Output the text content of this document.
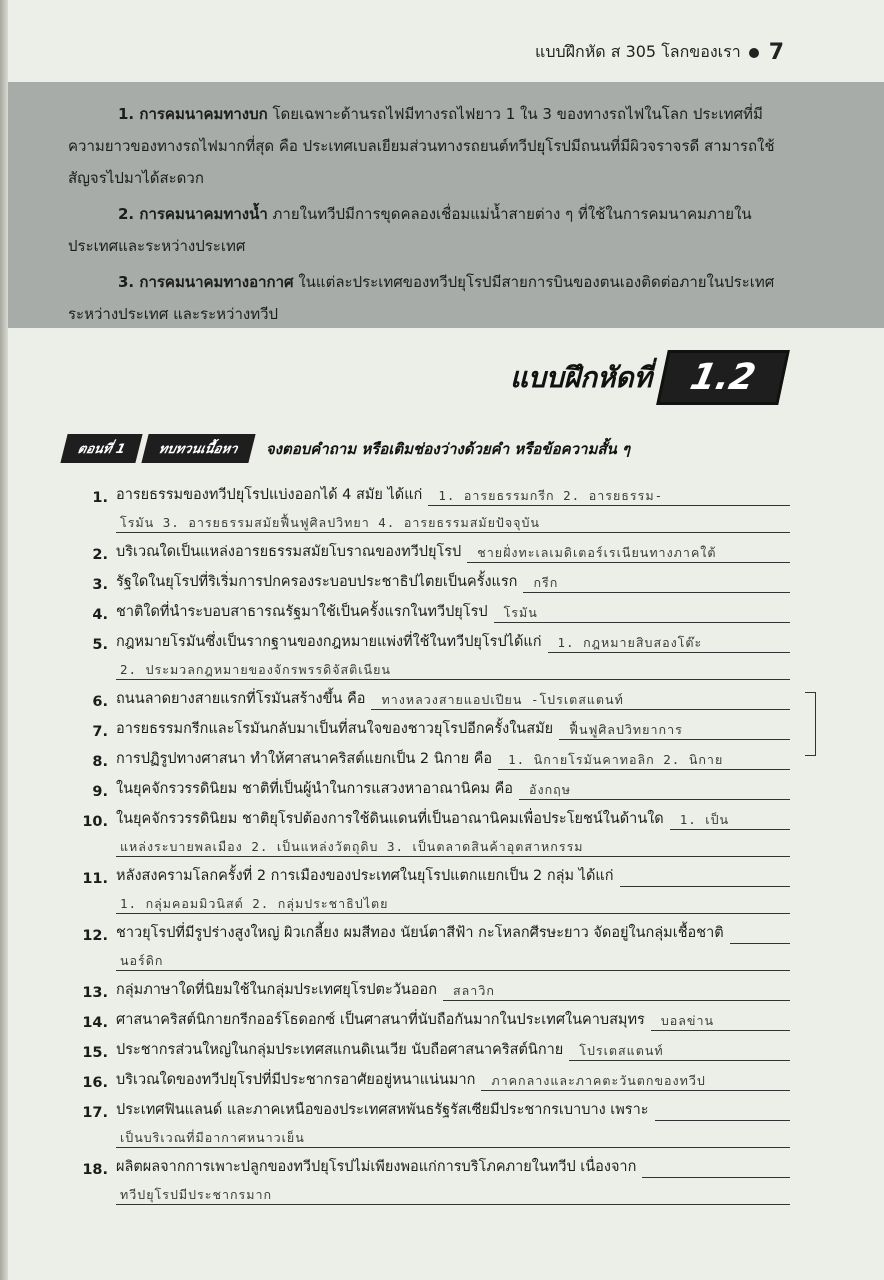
แบบฝึกหัด ส 305 โลกของเรา 7

1. การคมนาคมทางบก โดยเฉพาะด้านรถไฟมีทางรถไฟยาว 1 ใน 3 ของทางรถไฟในโลก ประเทศที่มีความยาวของทางรถไฟมากที่สุด คือ ประเทศเบลเยียมส่วนทางรถยนต์ทวีปยุโรปมีถนนที่มีผิวจราจรดี สามารถใช้สัญจรไปมาได้สะดวก

2. การคมนาคมทางน้ำ ภายในทวีปมีการขุดคลองเชื่อมแม่น้ำสายต่าง ๆ ที่ใช้ในการคมนาคมภายในประเทศและระหว่างประเทศ

3. การคมนาคมทางอากาศ ในแต่ละประเทศของทวีปยุโรปมีสายการบินของตนเองติดต่อภายในประเทศระหว่างประเทศ และระหว่างทวีป

แบบฝึกหัดที่ 1.2
ตอนที่ 1	ทบทวนเนื้อหา	จงตอบคำถาม หรือเติมช่องว่างด้วยคำ หรือข้อความสั้น ๆ
1. อารยธรรมของทวีปยุโรปแบ่งออกได้ 4 สมัย ได้แก่	1. อารยธรรมกรีก 2. อารยธรรม-
โรมัน 3. อารยธรรมสมัยฟื้นฟูศิลปวิทยา 4. อารยธรรมสมัยปัจจุบัน
2. บริเวณใดเป็นแหล่งอารยธรรมสมัยโบราณของทวีปยุโรป	ชายฝั่งทะเลเมดิเตอร์เรเนียนทางภาคใต้
3. รัฐใดในยุโรปที่ริเริ่มการปกครองระบอบประชาธิปไตยเป็นครั้งแรก	กรีก
4. ชาติใดที่นำระบอบสาธารณรัฐมาใช้เป็นครั้งแรกในทวีปยุโรป	โรมัน
5. กฎหมายโรมันซึ่งเป็นรากฐานของกฎหมายแพ่งที่ใช้ในทวีปยุโรปได้แก่	1. กฎหมายสิบสองโต๊ะ
2. ประมวลกฎหมายของจักรพรรดิจัสติเนียน
6. ถนนลาดยางสายแรกที่โรมันสร้างขึ้น คือ	ทางหลวงสายแอปเปียน -โปรเตสแตนท์
7. อารยธรรมกรีกและโรมันกลับมาเป็นที่สนใจของชาวยุโรปอีกครั้งในสมัย	ฟื้นฟูศิลปวิทยาการ
8. การปฏิรูปทางศาสนา ทำให้ศาสนาคริสต์แยกเป็น 2 นิกาย คือ	1. นิกายโรมันคาทอลิก 2. นิกาย
9. ในยุคจักรวรรดินิยม ชาติที่เป็นผู้นำในการแสวงหาอาณานิคม คือ	อังกฤษ
10. ในยุคจักรวรรดินิยม ชาติยุโรปต้องการใช้ดินแดนที่เป็นอาณานิคมเพื่อประโยชน์ในด้านใด	1. เป็น
แหล่งระบายพลเมือง 2. เป็นแหล่งวัตถุดิบ 3. เป็นตลาดสินค้าอุตสาหกรรม
11. หลังสงครามโลกครั้งที่ 2 การเมืองของประเทศในยุโรปแตกแยกเป็น 2 กลุ่ม ได้แก่
1. กลุ่มคอมมิวนิสต์ 2. กลุ่มประชาธิปไตย
12. ชาวยุโรปที่มีรูปร่างสูงใหญ่ ผิวเกลี้ยง ผมสีทอง นัยน์ตาสีฟ้า กะโหลกศีรษะยาว จัดอยู่ในกลุ่มเชื้อชาติ
นอร์ดิก
13. กลุ่มภาษาใดที่นิยมใช้ในกลุ่มประเทศยุโรปตะวันออก	สลาวิก
14. ศาสนาคริสต์นิกายกรีกออร์โธดอกซ์ เป็นศาสนาที่นับถือกันมากในประเทศในคาบสมุทร	บอลข่าน
15. ประชากรส่วนใหญ่ในกลุ่มประเทศสแกนดิเนเวีย นับถือศาสนาคริสต์นิกาย	โปรเตสแตนท์
16. บริเวณใดของทวีปยุโรปที่มีประชากรอาศัยอยู่หนาแน่นมาก	ภาคกลางและภาคตะวันตกของทวีป
17. ประเทศฟินแลนด์ และภาคเหนือของประเทศสหพันธรัฐรัสเซียมีประชากรเบาบาง เพราะ
เป็นบริเวณที่มีอากาศหนาวเย็น
18. ผลิตผลจากการเพาะปลูกของทวีปยุโรปไม่เพียงพอแก่การบริโภคภายในทวีป เนื่องจาก
ทวีปยุโรปมีประชากรมาก
